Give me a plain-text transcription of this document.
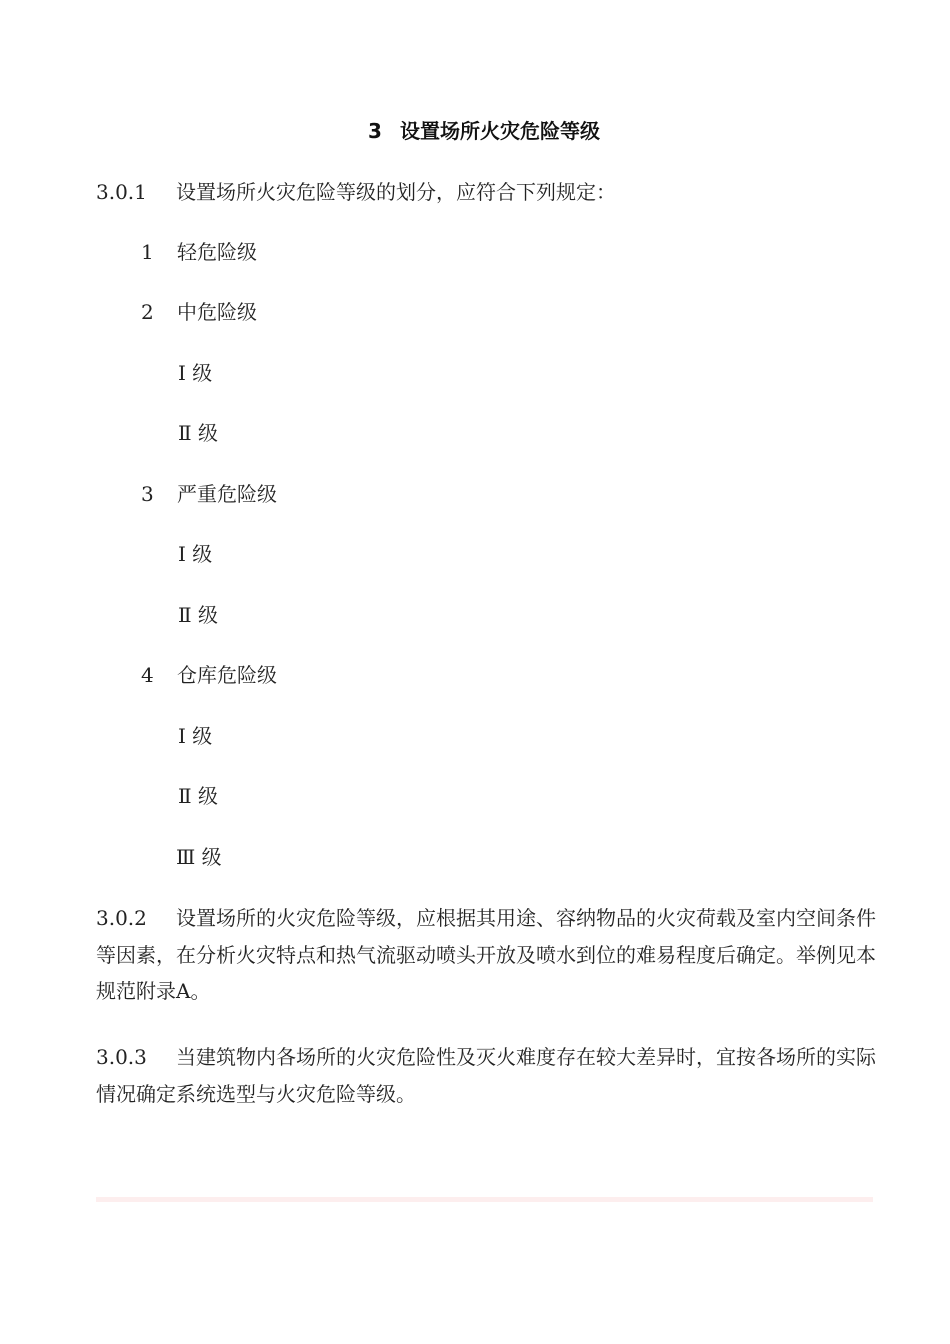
3 设置场所火灾危险等级
3.0.1 设置场所火灾危险等级的划分，应符合下列规定：
1 轻危险级
2 中危险级
Ⅰ 级
Ⅱ 级
3 严重危险级
Ⅰ 级
Ⅱ 级
4 仓库危险级
Ⅰ 级
Ⅱ 级
Ⅲ 级
3.0.2 设置场所的火灾危险等级，应根据其用途、容纳物品的火灾荷载及室内空间条件等因素，在分析火灾特点和热气流驱动喷头开放及喷水到位的难易程度后确定。举例见本规范附录A。
3.0.3 当建筑物内各场所的火灾危险性及灭火难度存在较大差异时，宜按各场所的实际情况确定系统选型与火灾危险等级。
